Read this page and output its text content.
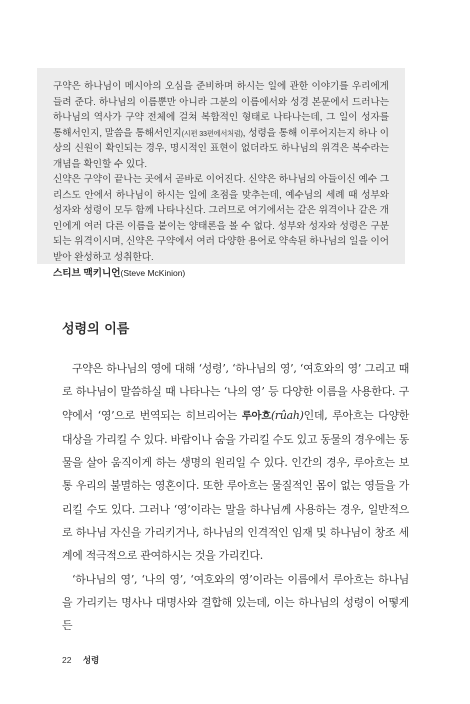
구약은 하나님이 메시아의 오심을 준비하며 하시는 일에 관한 이야기를 우리에게 들려 준다. 하나님의 이름뿐만 아니라 그분의 이름에서와 성경 본문에서 드러나는 하나님의 역사가 구약 전체에 걸쳐 복합적인 형태로 나타나는데, 그 일이 성자를 통해서인지, 말씀을 통해서인지(시편 33편에서처럼), 성령을 통해 이루어지는지 하나 이상의 신원이 확인되는 경우, 명시적인 표현이 없더라도 하나님의 위격은 복수라는 개념을 확인할 수 있다.

신약은 구약이 끝나는 곳에서 곧바로 이어진다. 신약은 하나님의 아들이신 예수 그리스도 안에서 하나님이 하시는 일에 초점을 맞추는데, 예수님의 세례 때 성부와 성자와 성령이 모두 함께 나타나신다. 그러므로 여기에서는 같은 위격이나 같은 개인에게 여러 다른 이름을 붙이는 양태론을 볼 수 없다. 성부와 성자와 성령은 구분되는 위격이시며, 신약은 구약에서 여러 다양한 용어로 약속된 하나님의 일을 이어받아 완성하고 성취한다.

스티브 맥키니언(Steve McKinion)
성령의 이름

구약은 하나님의 영에 대해 ‘성령’, ‘하나님의 영’, ‘여호와의 영’ 그리고 때로 하나님이 말씀하실 때 나타나는 ‘나의 영’ 등 다양한 이름을 사용한다. 구약에서 ‘영’으로 번역되는 히브리어는 루아흐(rûah)인데, 루아흐는 다양한 대상을 가리킬 수 있다. 바람이나 숨을 가리킬 수도 있고 동물의 경우에는 동물을 살아 움직이게 하는 생명의 원리일 수 있다. 인간의 경우, 루아흐는 보통 우리의 불멸하는 영혼이다. 또한 루아흐는 물질적인 몸이 없는 영들을 가리킬 수도 있다. 그러나 ‘영’이라는 말을 하나님께 사용하는 경우, 일반적으로 하나님 자신을 가리키거나, 하나님의 인격적인 임재 및 하나님이 창조 세계에 적극적으로 관여하시는 것을 가리킨다.

‘하나님의 영’, ‘나의 영’, ‘여호와의 영’이라는 이름에서 루아흐는 하나님을 가리키는 명사나 대명사와 결합해 있는데, 이는 하나님의 성령이 어떻게든

22 성령
